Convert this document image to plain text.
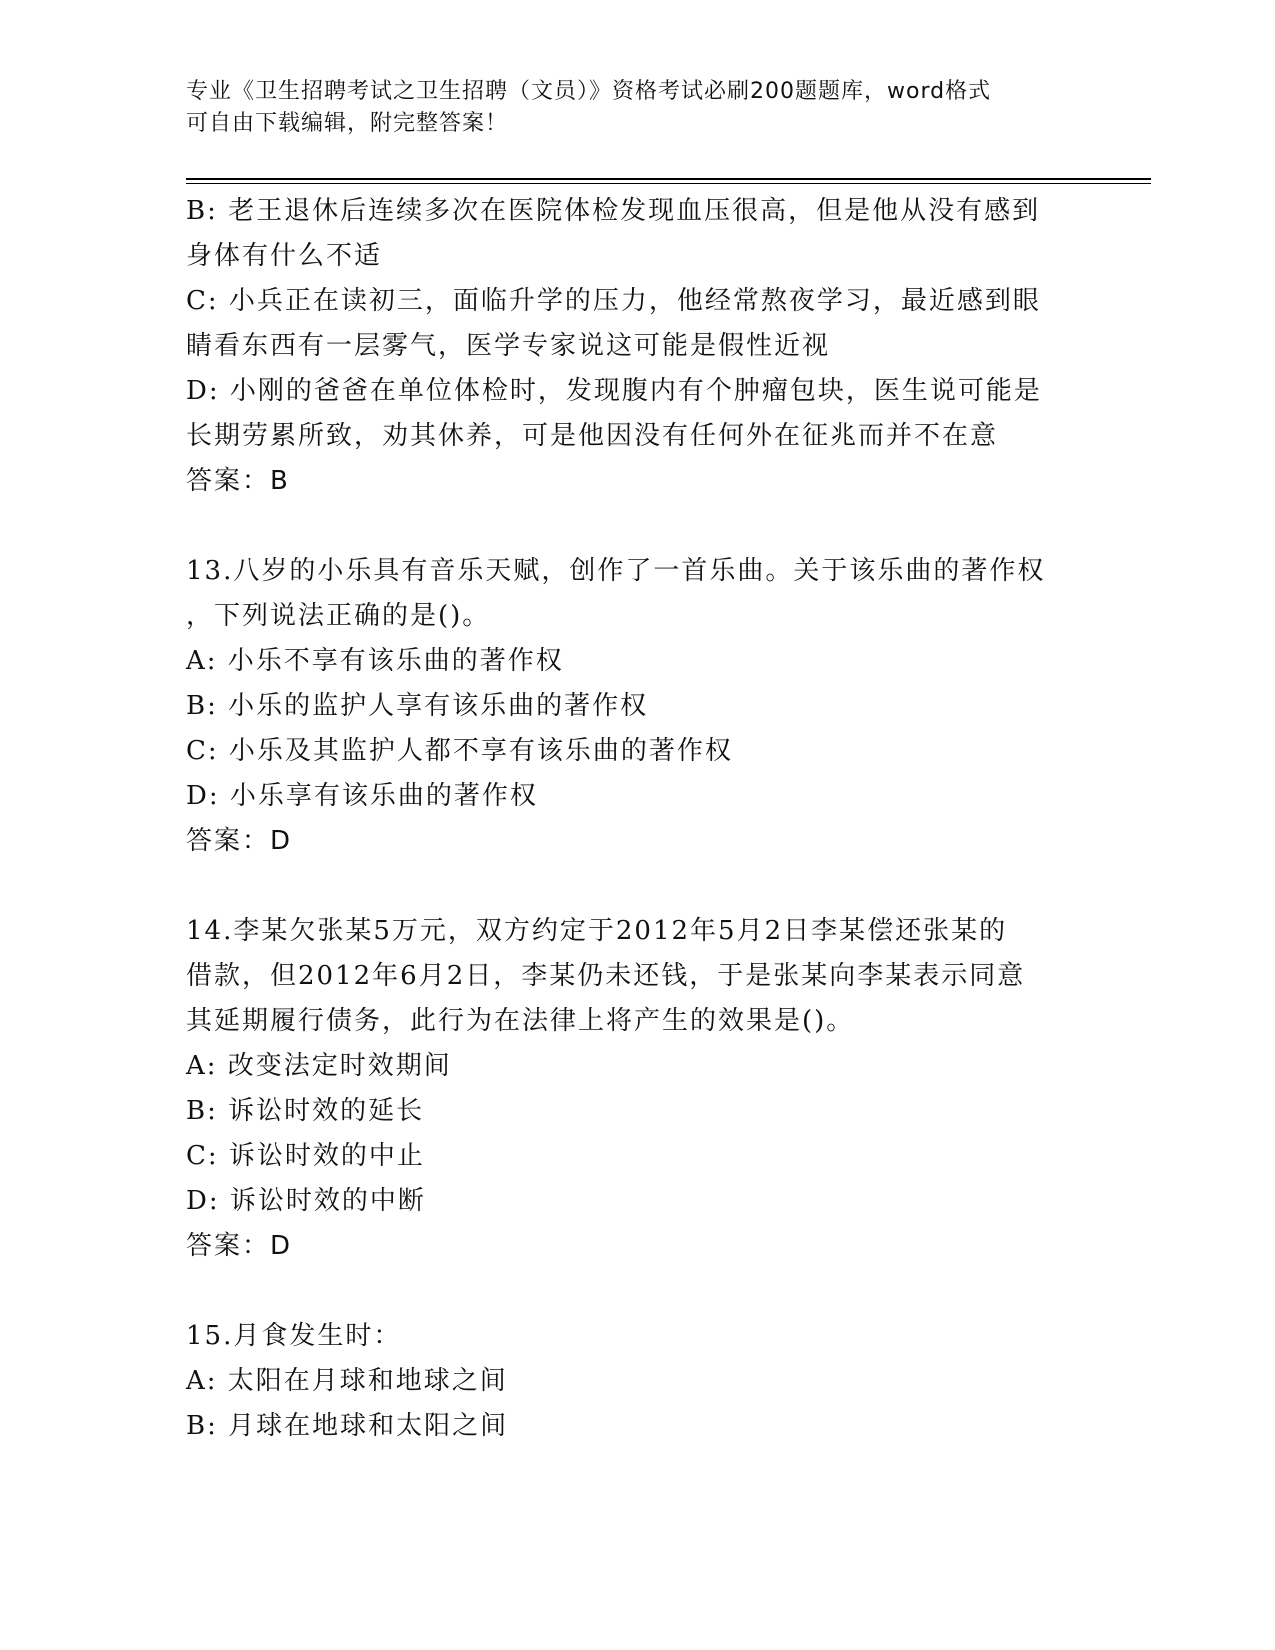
专业《卫生招聘考试之卫生招聘（文员）》资格考试必刷200题题库，word格式
可自由下载编辑，附完整答案！
B: 老王退休后连续多次在医院体检发现血压很高，但是他从没有感到
身体有什么不适
C: 小兵正在读初三，面临升学的压力，他经常熬夜学习，最近感到眼
睛看东西有一层雾气，医学专家说这可能是假性近视
D: 小刚的爸爸在单位体检时，发现腹内有个肿瘤包块，医生说可能是
长期劳累所致，劝其休养，可是他因没有任何外在征兆而并不在意
答案：B
13.八岁的小乐具有音乐天赋，创作了一首乐曲。关于该乐曲的著作权
，下列说法正确的是()。
A: 小乐不享有该乐曲的著作权
B: 小乐的监护人享有该乐曲的著作权
C: 小乐及其监护人都不享有该乐曲的著作权
D: 小乐享有该乐曲的著作权
答案：D
14.李某欠张某5万元，双方约定于2012年5月2日李某偿还张某的
借款，但2012年6月2日，李某仍未还钱，于是张某向李某表示同意
其延期履行债务，此行为在法律上将产生的效果是()。
A: 改变法定时效期间
B: 诉讼时效的延长
C: 诉讼时效的中止
D: 诉讼时效的中断
答案：D
15.月食发生时：
A: 太阳在月球和地球之间
B: 月球在地球和太阳之间
